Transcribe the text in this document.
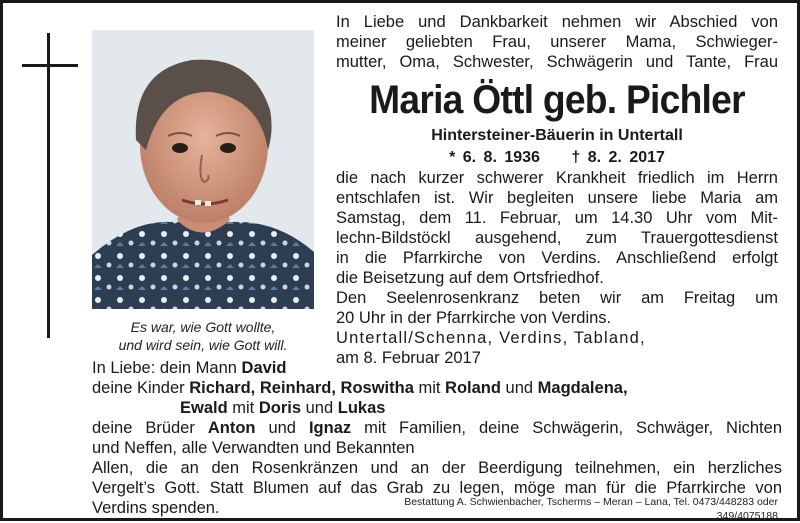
Es war, wie Gott wollte,
und wird sein, wie Gott will.
In Liebe und Dankbarkeit nehmen wir Abschied von
meiner geliebten Frau, unserer Mama, Schwieger-
mutter, Oma, Schwester, Schwägerin und Tante, Frau
Maria Öttl geb. Pichler
Hintersteiner-Bäuerin in Untertall
* 6. 8. 1936 † 8. 2. 2017
die nach kurzer schwerer Krankheit friedlich im Herrn
entschlafen ist. Wir begleiten unsere liebe Maria am
Samstag, dem 11. Februar, um 14.30 Uhr vom Mit-
lechn-Bildstöckl ausgehend, zum Trauergottesdienst
in die Pfarrkirche von Verdins. Anschließend erfolgt
die Beisetzung auf dem Ortsfriedhof.
Den Seelenrosenkranz beten wir am Freitag um
20 Uhr in der Pfarrkirche von Verdins.
Untertall/Schenna, Verdins, Tabland,
am 8. Februar 2017
In Liebe: dein Mann David
deine Kinder Richard, Reinhard, Roswitha mit Roland und Magdalena,
Ewald mit Doris und Lukas
deine Brüder Anton und Ignaz mit Familien, deine Schwägerin, Schwäger, Nichten
und Neffen, alle Verwandten und Bekannten
Allen, die an den Rosenkränzen und an der Beerdigung teilnehmen, ein herzliches
Vergelt’s Gott. Statt Blumen auf das Grab zu legen, möge man für die Pfarrkirche von
Verdins spenden.	Bestattung A. Schwienbacher, Tscherms – Meran – Lana, Tel. 0473/448283 oder 349/4075188
